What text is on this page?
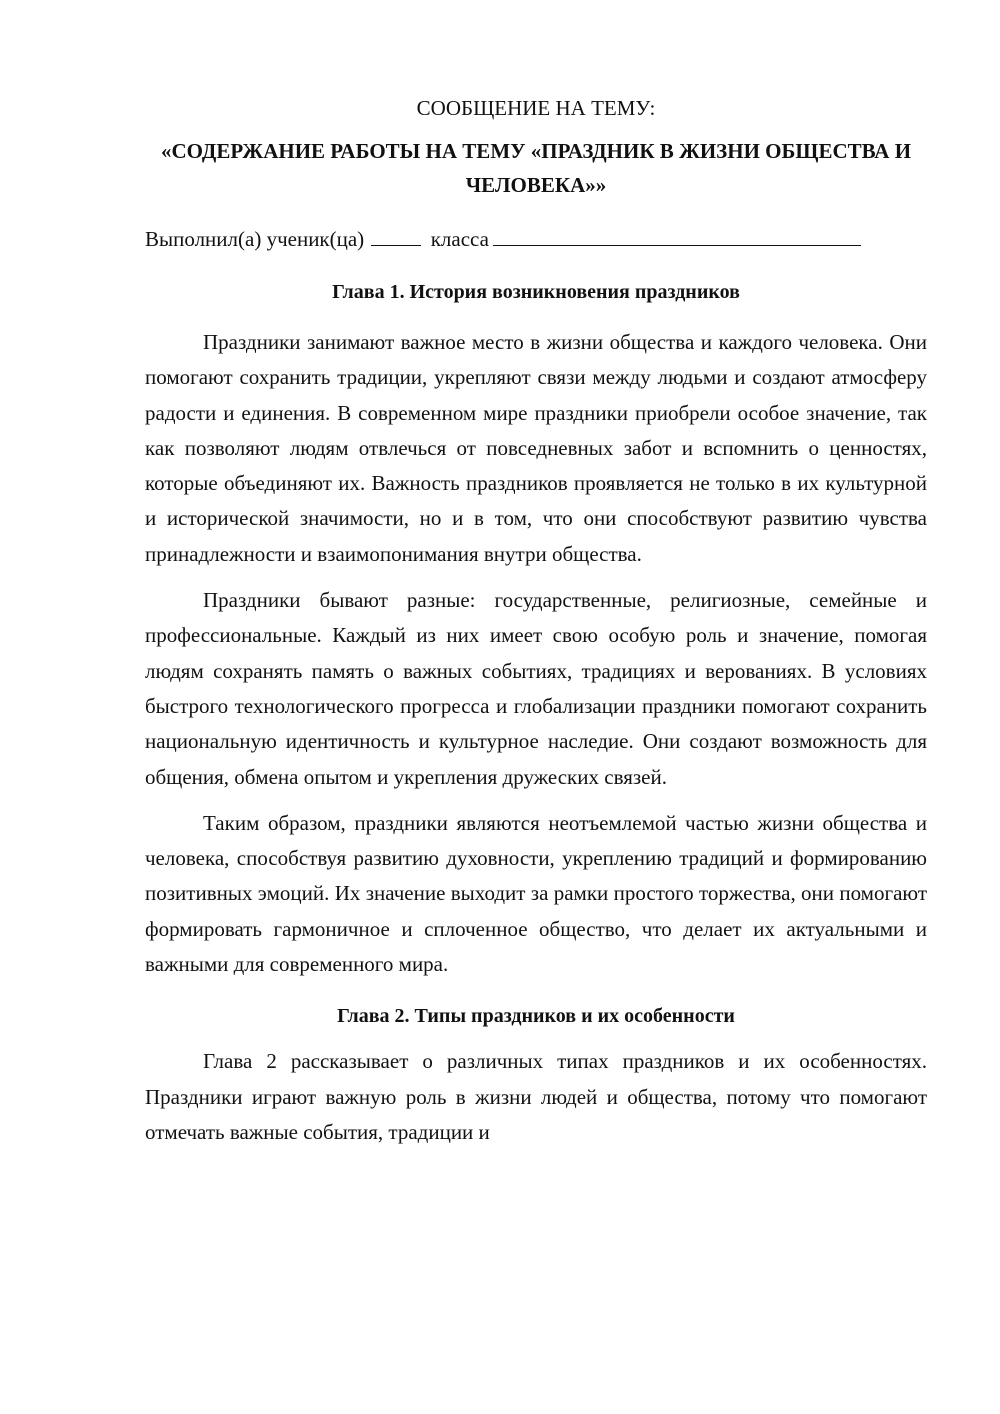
СООБЩЕНИЕ НА ТЕМУ:

«СОДЕРЖАНИЕ РАБОТЫ НА ТЕМУ «ПРАЗДНИК В ЖИЗНИ ОБЩЕСТВА И ЧЕЛОВЕКА»»

Выполнил(а) ученик(ца)	класса

Глава 1. История возникновения праздников

Праздники занимают важное место в жизни общества и каждого человека. Они помогают сохранить традиции, укрепляют связи между людьми и создают атмосферу радости и единения. В современном мире праздники приобрели особое значение, так как позволяют людям отвлечься от повседневных забот и вспомнить о ценностях, которые объединяют их. Важность праздников проявляется не только в их культурной и исторической значимости, но и в том, что они способствуют развитию чувства принадлежности и взаимопонимания внутри общества.

Праздники бывают разные: государственные, религиозные, семейные и профессиональные. Каждый из них имеет свою особую роль и значение, помогая людям сохранять память о важных событиях, традициях и верованиях. В условиях быстрого технологического прогресса и глобализации праздники помогают сохранить национальную идентичность и культурное наследие. Они создают возможность для общения, обмена опытом и укрепления дружеских связей.

Таким образом, праздники являются неотъемлемой частью жизни общества и человека, способствуя развитию духовности, укреплению традиций и формированию позитивных эмоций. Их значение выходит за рамки простого торжества, они помогают формировать гармоничное и сплоченное общество, что делает их актуальными и важными для современного мира.

Глава 2. Типы праздников и их особенности

Глава 2 рассказывает о различных типах праздников и их особенностях. Праздники играют важную роль в жизни людей и общества, потому что помогают отмечать важные события, традиции и
